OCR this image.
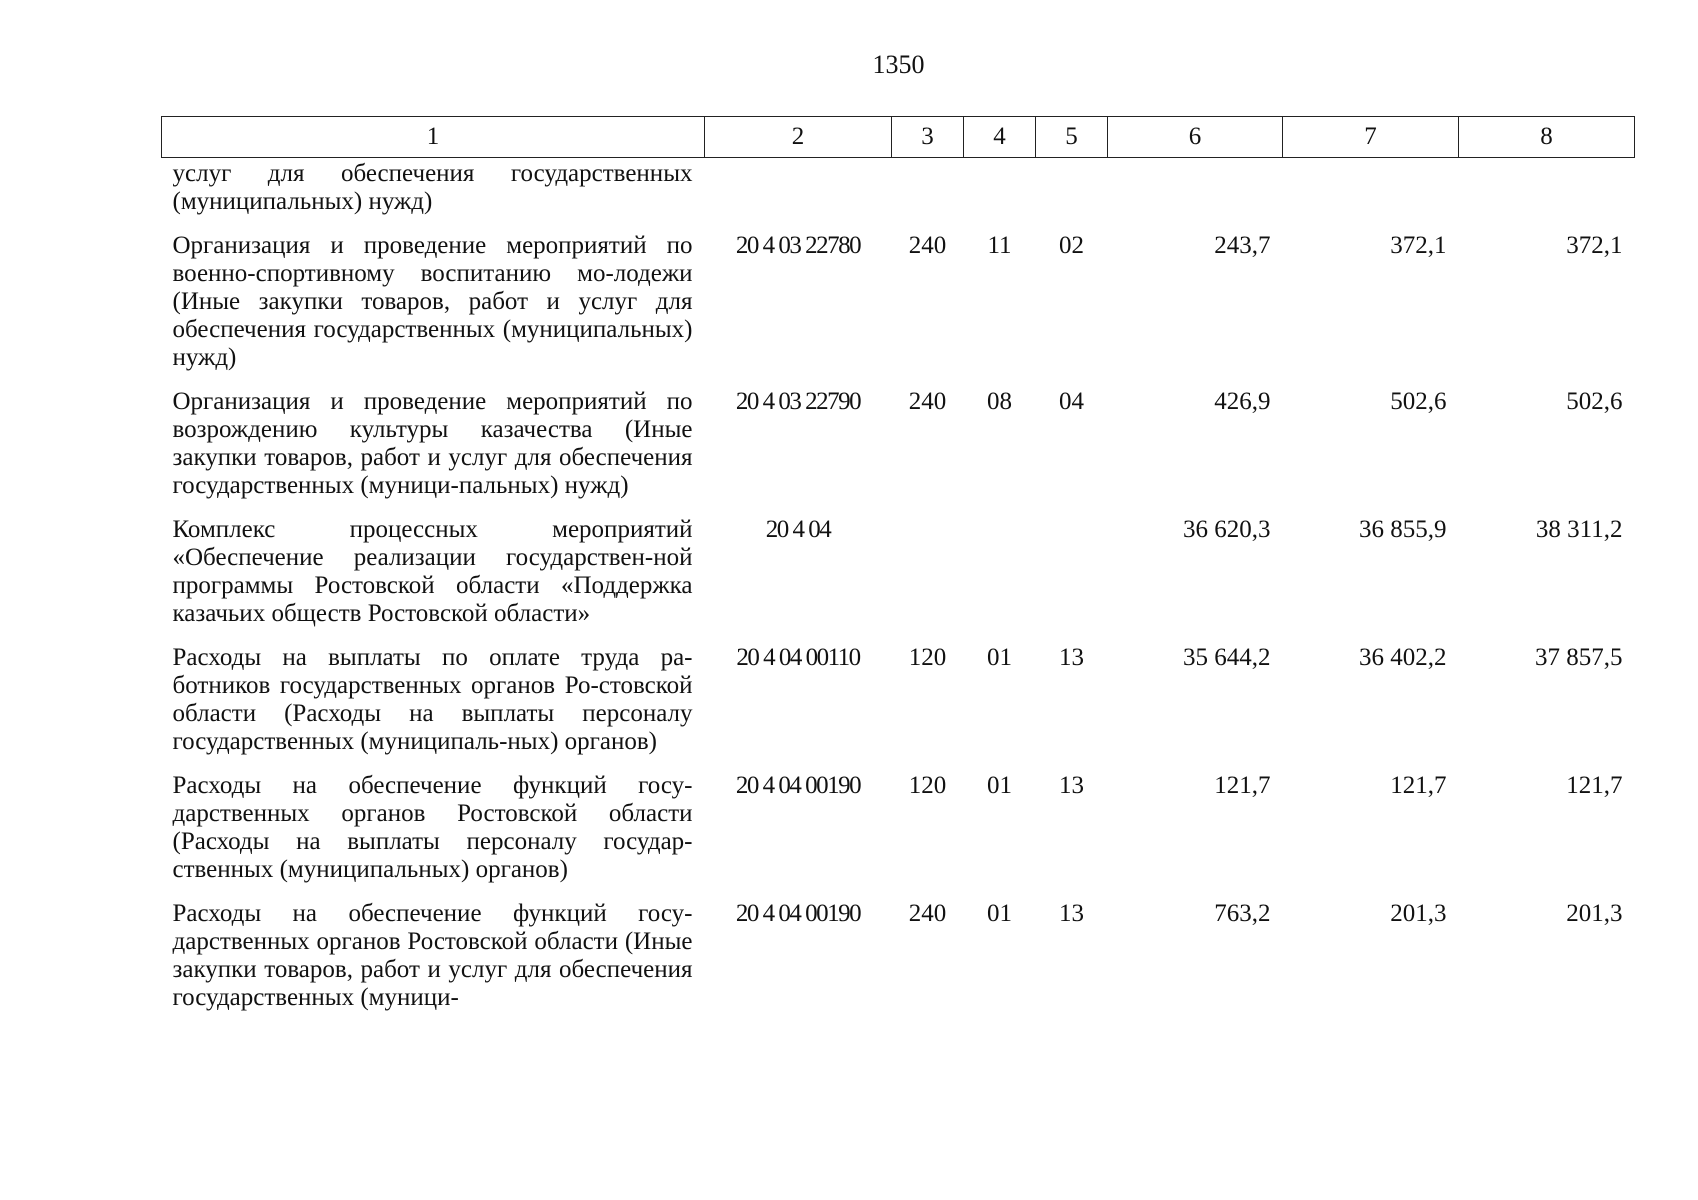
1350
1	2	3	4	5	6	7	8
услуг для обеспечения государственных (муниципальных) нужд)							
Организация и проведение мероприятий по военно-спортивному воспитанию мо-лодежи (Иные закупки товаров, работ и услуг для обеспечения государственных (муниципальных) нужд)	20 4 03 22780	240	11	02	243,7	372,1	372,1
Организация и проведение мероприятий по возрождению культуры казачества (Иные закупки товаров, работ и услуг для обеспечения государственных (муници-пальных) нужд)	20 4 03 22790	240	08	04	426,9	502,6	502,6
Комплекс процессных мероприятий «Обеспечение реализации государствен-ной программы Ростовской области «Поддержка казачьих обществ Ростовской области»	20 4 04				36 620,3	36 855,9	38 311,2
Расходы на выплаты по оплате труда ра-ботников государственных органов Ро-стовской области (Расходы на выплаты персоналу государственных (муниципаль-ных) органов)	20 4 04 00110	120	01	13	35 644,2	36 402,2	37 857,5
Расходы на обеспечение функций госу-дарственных органов Ростовской области (Расходы на выплаты персоналу государ-ственных (муниципальных) органов)	20 4 04 00190	120	01	13	121,7	121,7	121,7
Расходы на обеспечение функций госу-дарственных органов Ростовской области (Иные закупки товаров, работ и услуг для обеспечения государственных (муници-	20 4 04 00190	240	01	13	763,2	201,3	201,3
